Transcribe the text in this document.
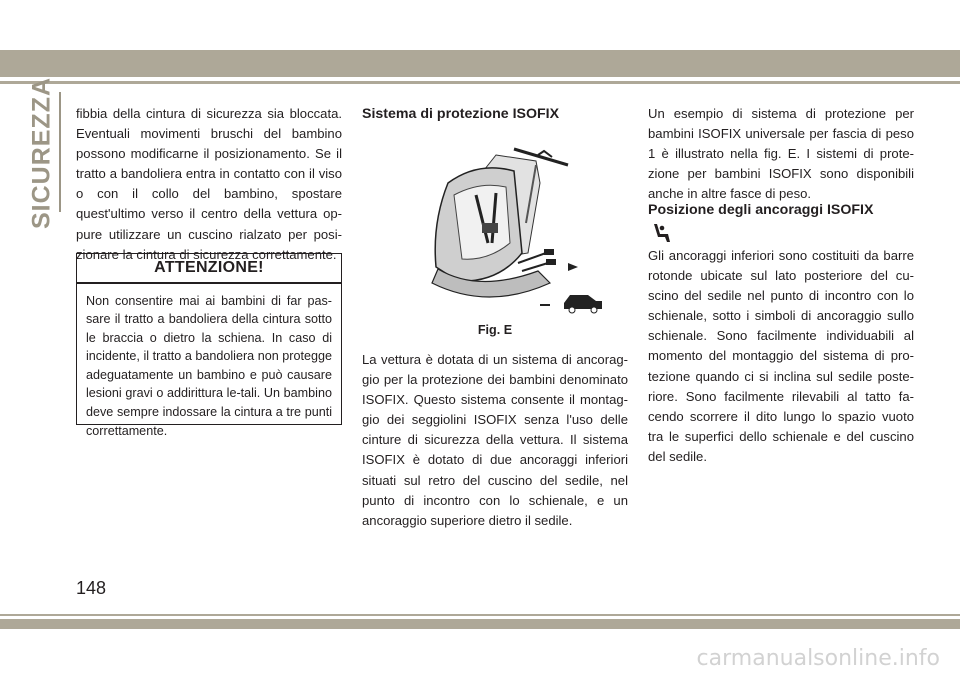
SICUREZZA fibbia della cintura di sicurezza sia bloccata. Eventuali movimenti bruschi del bambino possono modificarne il posizionamento. Se il tratto a bandoliera entra in contatto con il viso o con il collo del bambino, spostare quest'ultimo verso il centro della vettura op-pure utilizzare un cuscino rialzato per posi-zionare la cintura di sicurezza correttamente.

ATTENZIONE!

Non consentire mai ai bambini di far pas-sare il tratto a bandoliera della cintura sotto le braccia o dietro la schiena. In caso di incidente, il tratto a bandoliera non protegge adeguatamente un bambino e può causare lesioni gravi o addirittura le-tali. Un bambino deve sempre indossare la cintura a tre punti correttamente.

Sistema di protezione ISOFIX

Fig. E

La vettura è dotata di un sistema di ancorag-gio per la protezione dei bambini denominato ISOFIX. Questo sistema consente il montag-gio dei seggiolini ISOFIX senza l'uso delle cinture di sicurezza della vettura. Il sistema ISOFIX è dotato di due ancoraggi inferiori situati sul retro del cuscino del sedile, nel punto di incontro con lo schienale, e un ancoraggio superiore dietro il sedile.

Un esempio di sistema di protezione per bambini ISOFIX universale per fascia di peso 1 è illustrato nella fig. E. I sistemi di prote-zione per bambini ISOFIX sono disponibili anche in altre fasce di peso.

Posizione degli ancoraggi ISOFIX

Gli ancoraggi inferiori sono costituiti da barre rotonde ubicate sul lato posteriore del cu-scino del sedile nel punto di incontro con lo schienale, sotto i simboli di ancoraggio sullo schienale. Sono facilmente individuabili al momento del montaggio del sistema di pro-tezione quando ci si inclina sul sedile poste-riore. Sono facilmente rilevabili al tatto fa-cendo scorrere il dito lungo lo spazio vuoto tra le superfici dello schienale e del cuscino del sedile.

148
carmanualsonline.info
